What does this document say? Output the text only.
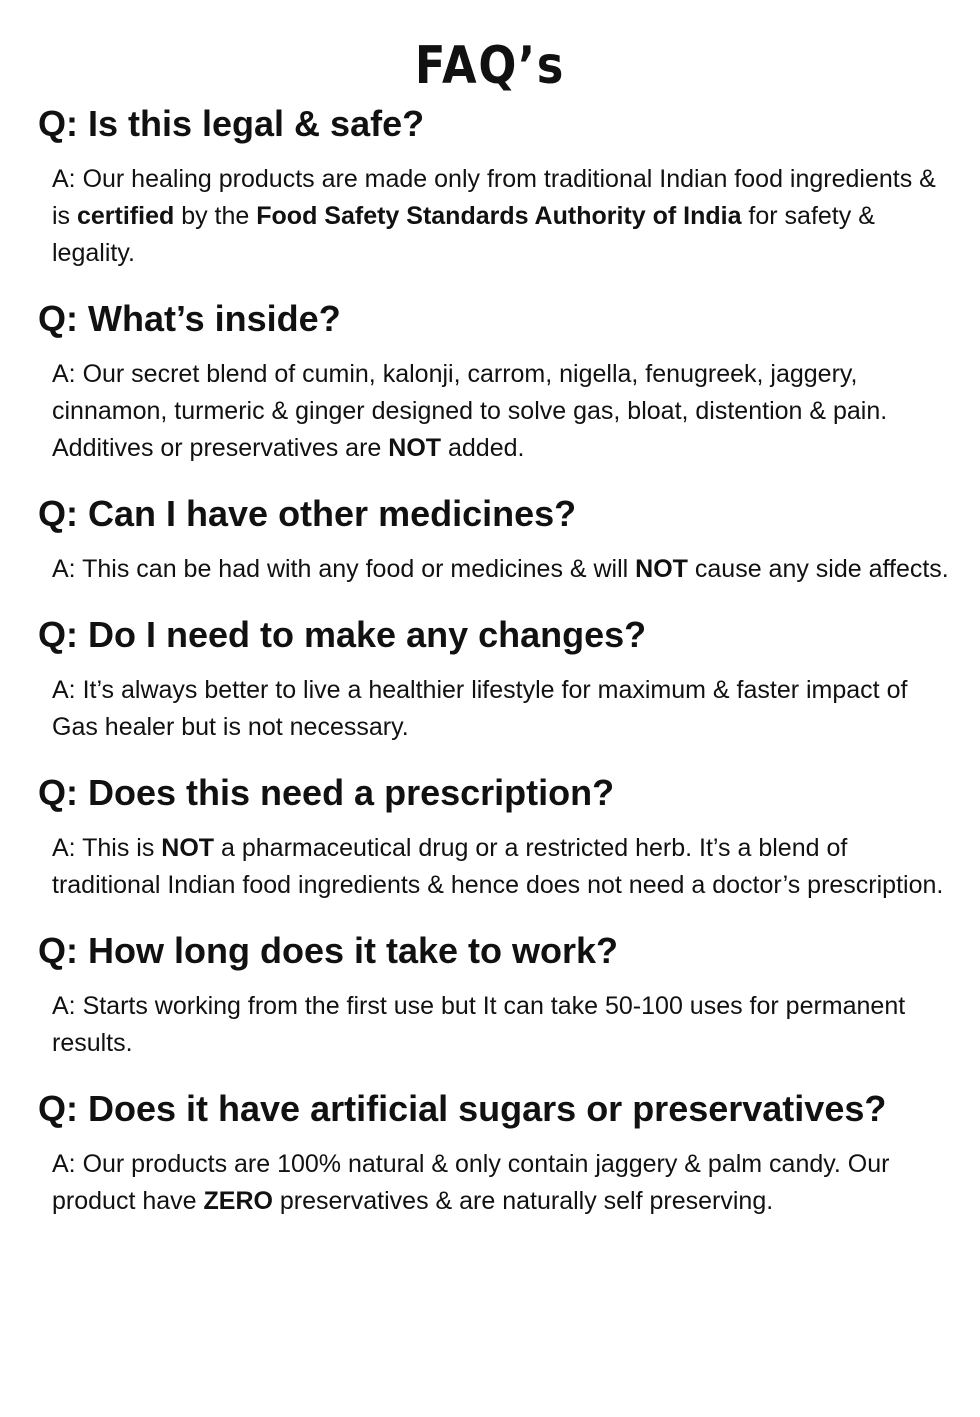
FAQ’s
Q: Is this legal & safe?

A: Our healing products are made only from traditional Indian food ingredients & is certified by the Food Safety Standards Authority of India for safety & legality.

Q: What’s inside?

A: Our secret blend of cumin, kalonji, carrom, nigella, fenugreek, jaggery, cinnamon, turmeric & ginger designed to solve gas, bloat, distention & pain. Additives or preservatives are NOT added.

Q: Can I have other medicines?

A: This can be had with any food or medicines & will NOT cause any side affects.

Q: Do I need to make any changes?

A: It’s always better to live a healthier lifestyle for maximum & faster impact of Gas healer but is not necessary.

Q: Does this need a prescription?

A: This is NOT a pharmaceutical drug or a restricted herb. It’s a blend of traditional Indian food ingredients & hence does not need a doctor’s prescription.

Q: How long does it take to work?

A: Starts working from the first use but It can take 50-100 uses for permanent results.

Q: Does it have artificial sugars or preservatives?

A: Our products are 100% natural & only contain jaggery & palm candy. Our product have ZERO preservatives & are naturally self preserving.
